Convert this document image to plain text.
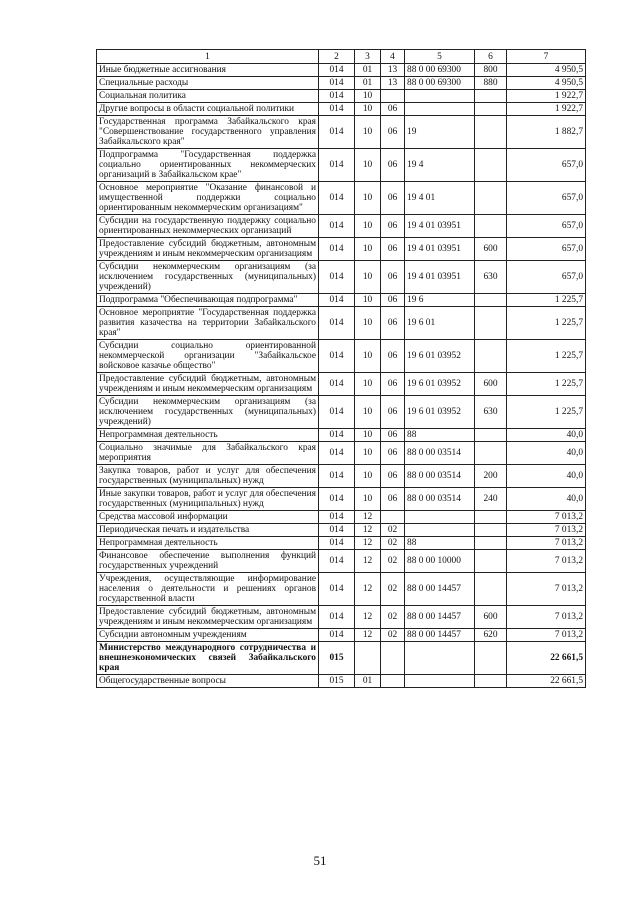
1	2	3	4	5	6	7
Иные бюджетные ассигнования	014	01	13	88 0 00 69300	800	4 950,5
Специальные расходы	014	01	13	88 0 00 69300	880	4 950,5
Социальная политика	014	10				1 922,7
Другие вопросы в области социальной политики	014	10	06			1 922,7
Государственная программа Забайкальского края "Совершенствование государственного управления Забайкальского края"	014	10	06	19		1 882,7
Подпрограмма "Государственная поддержка социально ориентированных некоммерческих организаций в Забайкальском крае"	014	10	06	19 4		657,0
Основное мероприятие "Оказание финансовой и имущественной поддержки социально ориентированным некоммерческим организациям"	014	10	06	19 4 01		657,0
Субсидии на государственную поддержку социально ориентированных некоммерческих организаций	014	10	06	19 4 01 03951		657,0
Предоставление субсидий бюджетным, автономным учреждениям и иным некоммерческим организациям	014	10	06	19 4 01 03951	600	657,0
Субсидии некоммерческим организациям (за исключением государственных (муниципальных) учреждений)	014	10	06	19 4 01 03951	630	657,0
Подпрограмма "Обеспечивающая подпрограмма"	014	10	06	19 6		1 225,7
Основное мероприятие "Государственная поддержка развития казачества на территории Забайкальского края"	014	10	06	19 6 01		1 225,7
Субсидии социально ориентированной некоммерческой организации "Забайкальское войсковое казачье общество"	014	10	06	19 6 01 03952		1 225,7
Предоставление субсидий бюджетным, автономным учреждениям и иным некоммерческим организациям	014	10	06	19 6 01 03952	600	1 225,7
Субсидии некоммерческим организациям (за исключением государственных (муниципальных) учреждений)	014	10	06	19 6 01 03952	630	1 225,7
Непрограммная деятельность	014	10	06	88		40,0
Социально значимые для Забайкальского края мероприятия	014	10	06	88 0 00 03514		40,0
Закупка товаров, работ и услуг для обеспечения государственных (муниципальных) нужд	014	10	06	88 0 00 03514	200	40,0
Иные закупки товаров, работ и услуг для обеспечения государственных (муниципальных) нужд	014	10	06	88 0 00 03514	240	40,0
Средства массовой информации	014	12				7 013,2
Периодическая печать и издательства	014	12	02			7 013,2
Непрограммная деятельность	014	12	02	88		7 013,2
Финансовое обеспечение выполнения функций государственных учреждений	014	12	02	88 0 00 10000		7 013,2
Учреждения, осуществляющие информирование населения о деятельности и решениях органов государственной власти	014	12	02	88 0 00 14457		7 013,2
Предоставление субсидий бюджетным, автономным учреждениям и иным некоммерческим организациям	014	12	02	88 0 00 14457	600	7 013,2
Субсидии автономным учреждениям	014	12	02	88 0 00 14457	620	7 013,2
Министерство международного сотрудничества и внешнеэкономических связей Забайкальского края	015					22 661,5
Общегосударственные вопросы	015	01				22 661,5
51
